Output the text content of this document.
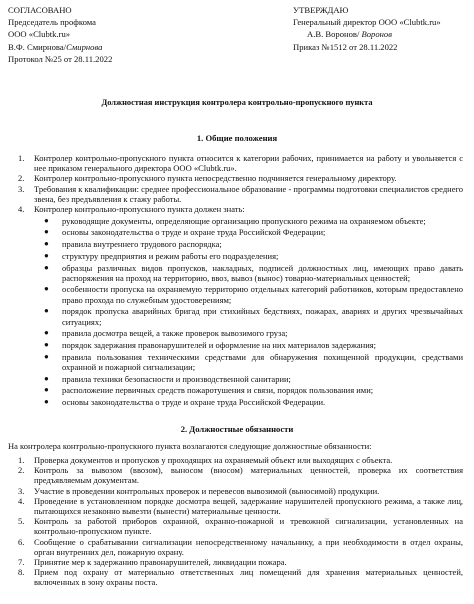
СОГЛАСОВАНО
Председатель профкома
ООО «Clubtk.ru»
В.Ф. Смирнова/Смирнова
Протокол №25 от 28.11.2022
УТВЕРЖДАЮ
Генеральный директор ООО «Clubtk.ru»
А.В. Воронов/ Воронов
Приказ №1512 от 28.11.2022
Должностная инструкция контролера контрольно-пропускного пункта
1. Общие положения
1. Контролер контрольно-пропускного пункта относится к категории рабочих, принимается на работу и увольняется с нее приказом генерального директора ООО «Clubtk.ru».
2. Контролер контрольно-пропускного пункта непосредственно подчиняется генеральному директору.
3. Требования к квалификации: среднее профессиональное образование - программы подготовки специалистов среднего звена, без предъявления к стажу работы.
4. Контролер контрольно-пропускного пункта должен знать:
● руководящие документы, определяющие организацию пропускного режима на охраняемом объекте;
● основы законодательства о труде и охране труда Российской Федерации;
● правила внутреннего трудового распорядка;
● структуру предприятия и режим работы его подразделения;
● образцы различных видов пропусков, накладных, подписей должностных лиц, имеющих право давать распоряжения на проход на территорию, ввоз, вывоз (вынос) товарно-материальных ценностей;
● особенности пропуска на охраняемую территорию отдельных категорий работников, которым предоставлено право прохода по служебным удостоверениям;
● порядок пропуска аварийных бригад при стихийных бедствиях, пожарах, авариях и других чрезвычайных ситуациях;
● правила досмотра вещей, а также проверок вывозимого груза;
● порядок задержания правонарушителей и оформление на них материалов задержания;
● правила пользования техническими средствами для обнаружения похищенной продукции, средствами охранной и пожарной сигнализации;
● правила техники безопасности и производственной санитарии;
● расположение первичных средств пожаротушения и связи, порядок пользования ими;
● основы законодательства о труде и охране труда Российской Федерации.
2. Должностные обязанности
На контролера контрольно-пропускного пункта возлагаются следующие должностные обязанности:
1. Проверка документов и пропусков у проходящих на охраняемый объект или выходящих с объекта.
2. Контроль за вывозом (ввозом), выносом (вносом) материальных ценностей, проверка их соответствия предъявляемым документам.
3. Участие в проведении контрольных проверок и перевесов вывозимой (выносимой) продукции.
4. Проведение в установленном порядке досмотра вещей, задержание нарушителей пропускного режима, а также лиц, пытающихся незаконно вывезти (вынести) материальные ценности.
5. Контроль за работой приборов охранной, охранно-пожарной и тревожной сигнализации, установленных на контрольно-пропускном пункте.
6. Сообщение о срабатывании сигнализации непосредственному начальнику, а при необходимости в отдел охраны, орган внутренних дел, пожарную охрану.
7. Принятие мер к задержанию правонарушителей, ликвидации пожара.
8. Прием под охрану от материально ответственных лиц помещений для хранения материальных ценностей, включенных в зону охраны поста.
